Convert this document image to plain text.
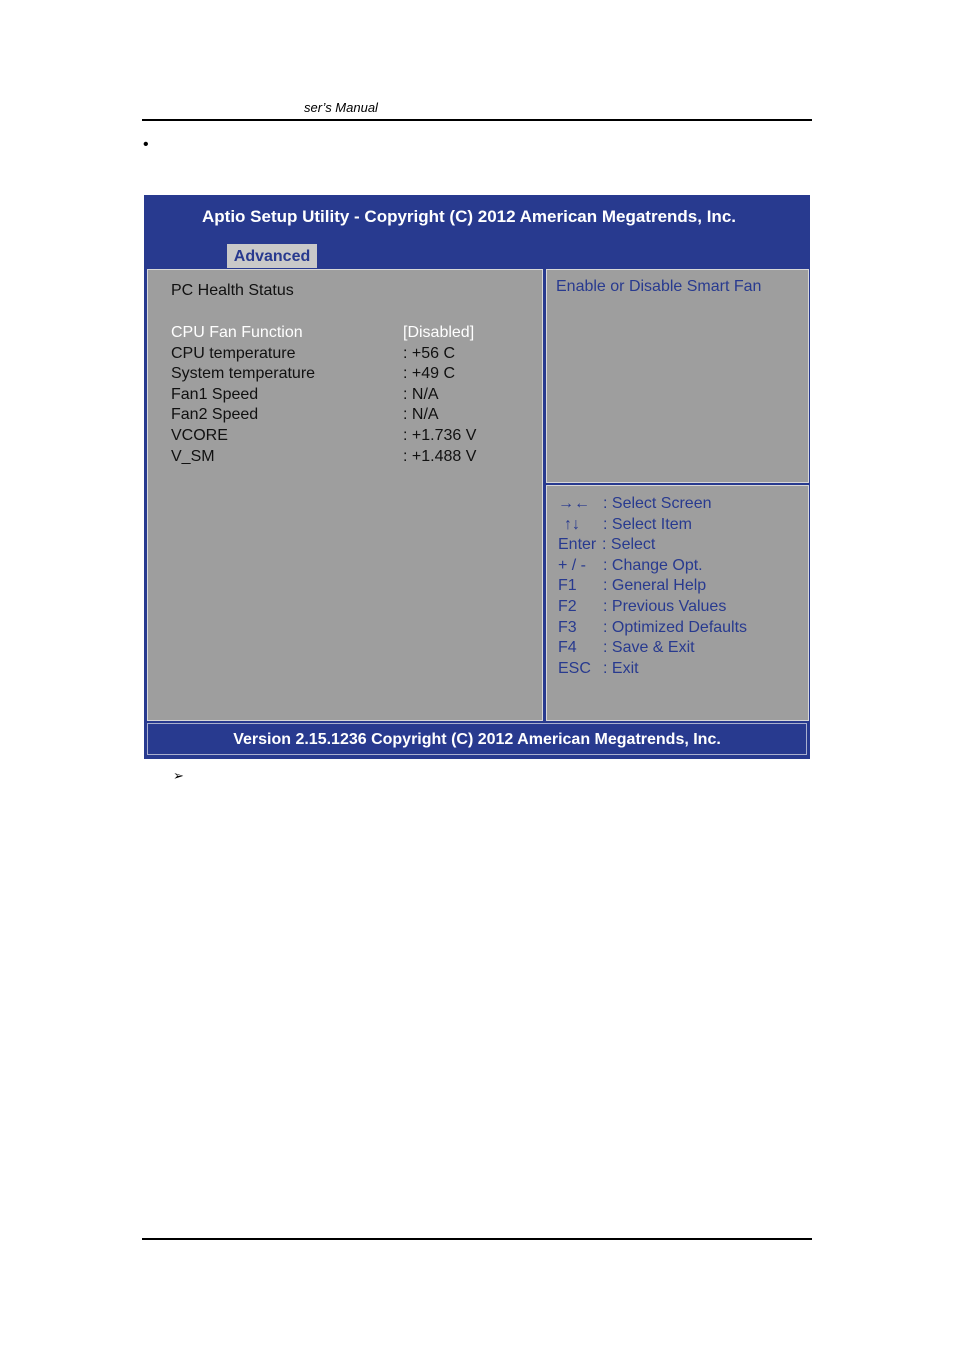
ser’s Manual
•
Aptio Setup Utility - Copyright (C) 2012 American Megatrends, Inc.
Advanced
PC Health Status
CPU Fan Function	[Disabled]
CPU temperature	: +56 C
System temperature	: +49 C
Fan1 Speed	: N/A
Fan2 Speed	: N/A
VCORE	: +1.736 V
V_SM	: +1.488 V
Enable or Disable Smart Fan
→← : Select Screen
↑↓ : Select Item
Enter : Select
+ / - : Change Opt.
F1 : General Help
F2 : Previous Values
F3 : Optimized Defaults
F4 : Save & Exit
ESC : Exit
Version 2.15.1236 Copyright (C) 2012 American Megatrends, Inc.
➢
